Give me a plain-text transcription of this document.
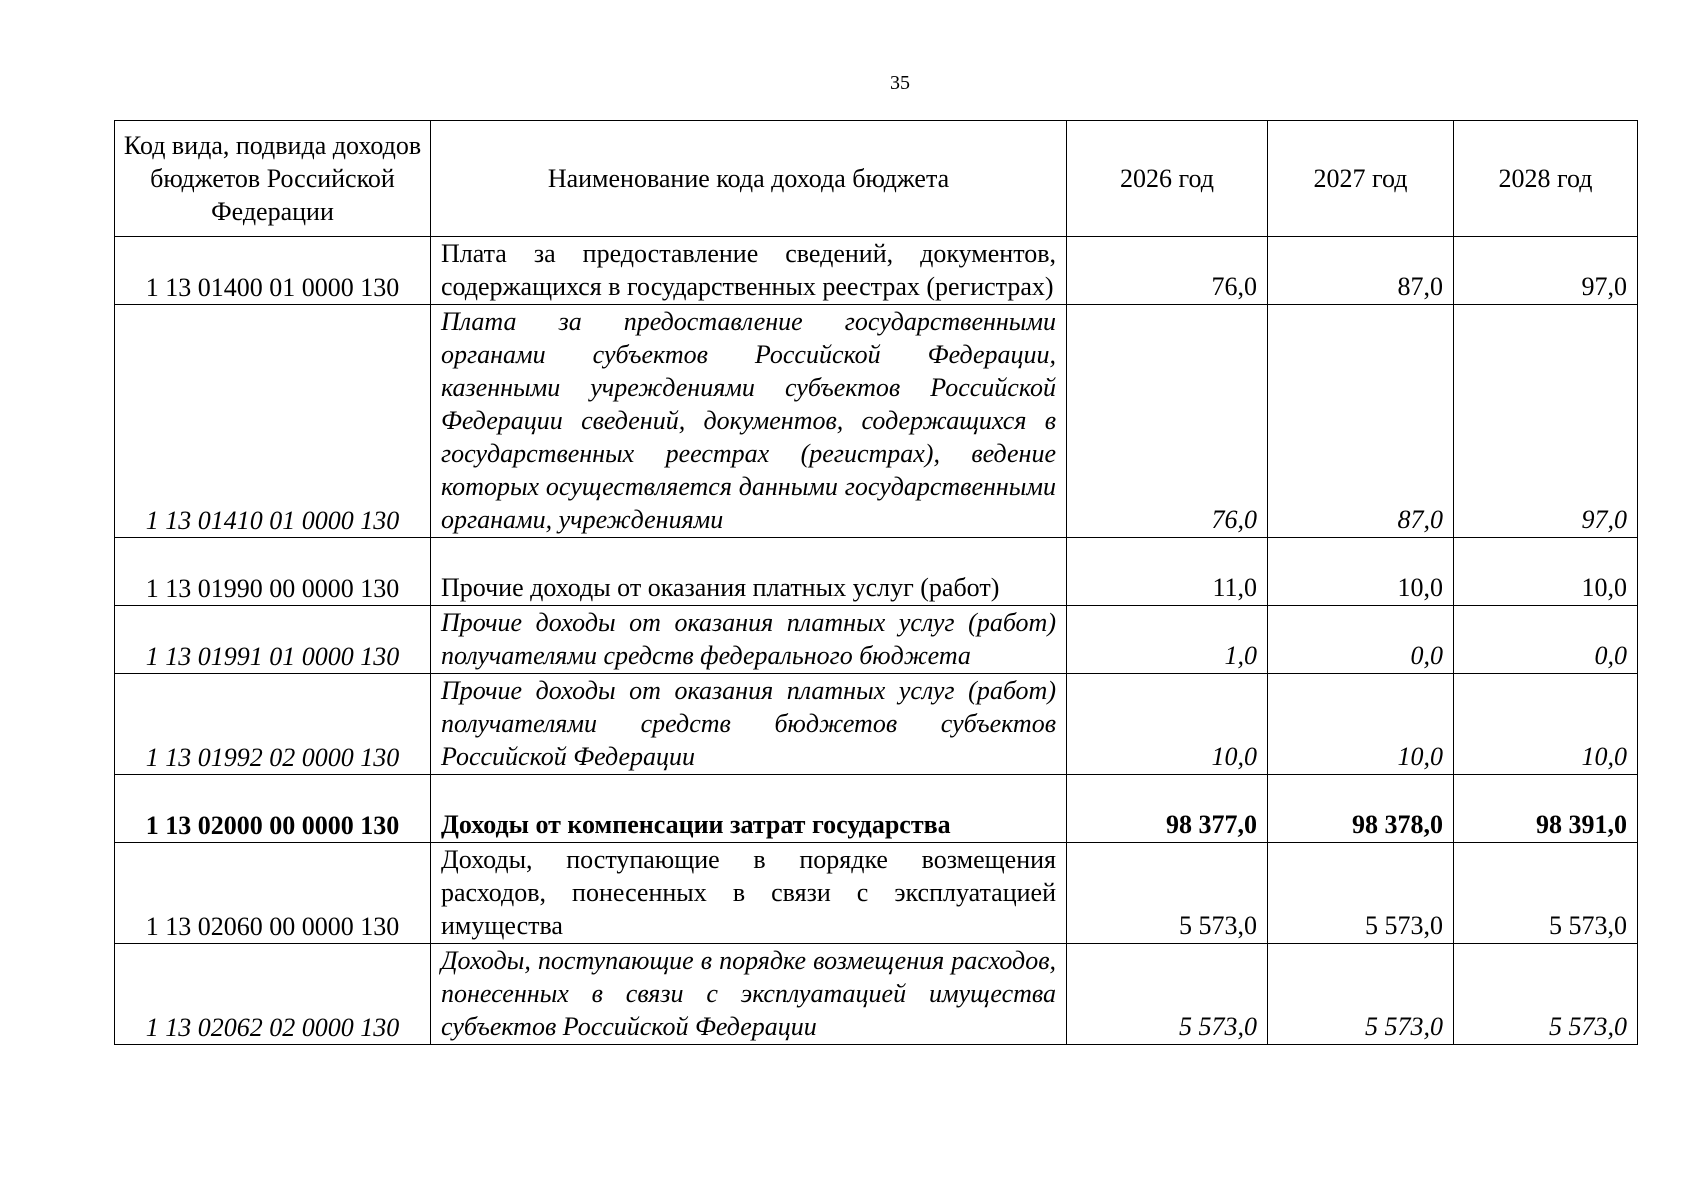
35
Код вида, подвида доходов бюджетов Российской Федерации	Наименование кода дохода бюджета	2026 год	2027 год	2028 год
1 13 01400 01 0000 130	Плата за предоставление сведений, документов, содержащихся в государственных реестрах (регистрах)	76,0	87,0	97,0
1 13 01410 01 0000 130	Плата за предоставление государственными органами субъектов Российской Федерации, казенными учреждениями субъектов Российской Федерации сведений, документов, содержащихся в государственных реестрах (регистрах), ведение которых осуществляется данными государственными органами, учреждениями	76,0	87,0	97,0
1 13 01990 00 0000 130	Прочие доходы от оказания платных услуг (работ)	11,0	10,0	10,0
1 13 01991 01 0000 130	Прочие доходы от оказания платных услуг (работ) получателями средств федерального бюджета	1,0	0,0	0,0
1 13 01992 02 0000 130	Прочие доходы от оказания платных услуг (работ) получателями средств бюджетов субъектов Российской Федерации	10,0	10,0	10,0
1 13 02000 00 0000 130	Доходы от компенсации затрат государства	98 377,0	98 378,0	98 391,0
1 13 02060 00 0000 130	Доходы, поступающие в порядке возмещения расходов, понесенных в связи с эксплуатацией имущества	5 573,0	5 573,0	5 573,0
1 13 02062 02 0000 130	Доходы, поступающие в порядке возмещения расходов, понесенных в связи с эксплуатацией имущества субъектов Российской Федерации	5 573,0	5 573,0	5 573,0
